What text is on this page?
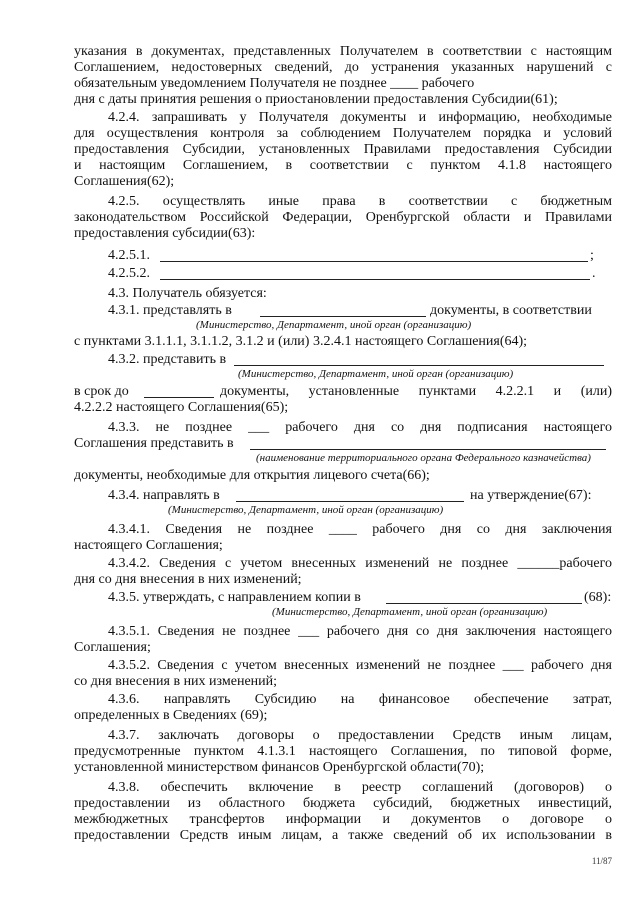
указания в документах, представленных Получателем в соответствии с настоящим
Соглашением, недостоверных сведений, до устранения указанных нарушений с
обязательным уведомлением Получателя не позднее ____ рабочего
дня с даты принятия решения о приостановлении предоставления Субсидии(61);
4.2.4. запрашивать у Получателя документы и информацию, необходимые
для осуществления контроля за соблюдением Получателем порядка и условий
предоставления Субсидии, установленных Правилами предоставления Субсидии
и настоящим Соглашением, в соответствии с пунктом 4.1.8 настоящего
Соглашения(62);
4.2.5. осуществлять иные права в соответствии с бюджетным
законодательством Российской Федерации, Оренбургской области и Правилами
предоставления субсидии(63):
4.2.5.1.	;
4.2.5.2.	.
4.3. Получатель обязуется:
4.3.1. представлять в	документы, в соответствии
(Министерство, Департамент, иной орган (организацию)
с пунктами 3.1.1.1, 3.1.1.2, 3.1.2 и (или) 3.2.4.1 настоящего Соглашения(64);
4.3.2. представить в
(Министерство, Департамент, иной орган (организацию)
в срок до	документы, установленные пунктами 4.2.2.1 и (или)
4.2.2.2 настоящего Соглашения(65);
4.3.3. не позднее ___ рабочего дня со дня подписания настоящего
Соглашения представить в
(наименование территориального органа Федерального казначейства)
документы, необходимые для открытия лицевого счета(66);
4.3.4. направлять в	на утверждение(67):
(Министерство, Департамент, иной орган (организацию)
4.3.4.1. Сведения не позднее ____ рабочего дня со дня заключения
настоящего Соглашения;
4.3.4.2. Сведения с учетом внесенных изменений не позднее ______рабочего
дня со дня внесения в них изменений;
4.3.5. утверждать, с направлением копии в	(68):
(Министерство, Департамент, иной орган (организацию)
4.3.5.1. Сведения не позднее ___ рабочего дня со дня заключения настоящего
Соглашения;
4.3.5.2. Сведения с учетом внесенных изменений не позднее ___ рабочего дня
со дня внесения в них изменений;
4.3.6. направлять Субсидию на финансовое обеспечение затрат,
определенных в Сведениях (69);
4.3.7. заключать договоры о предоставлении Средств иным лицам,
предусмотренные пунктом 4.1.3.1 настоящего Соглашения, по типовой форме,
установленной министерством финансов Оренбургской области(70);
4.3.8. обеспечить включение в реестр соглашений (договоров) о
предоставлении из областного бюджета субсидий, бюджетных инвестиций,
межбюджетных трансфертов информации и документов о договоре о
предоставлении Средств иным лицам, а также сведений об их использовании в
11/87
